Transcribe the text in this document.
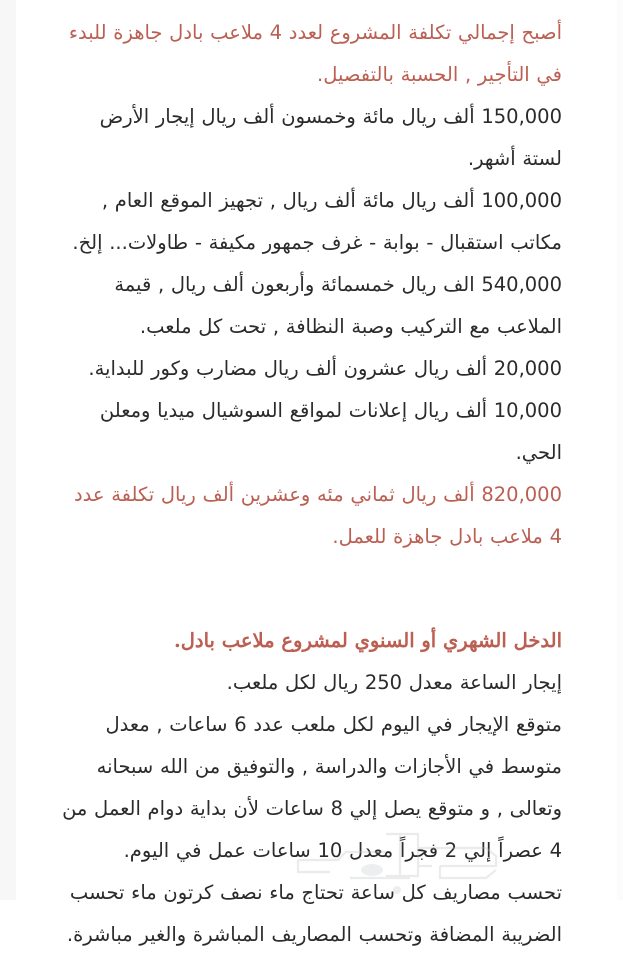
أصبح إجمالي تكلفة المشروع لعدد 4 ملاعب بادل جاهزة للبدء في التأجير , الحسبة بالتفصيل.

150,000 ألف ريال مائة وخمسون ألف ريال إيجار الأرض لستة أشهر.

100,000 ألف ريال مائة ألف ريال , تجهيز الموقع العام , مكاتب استقبال - بوابة - غرف جمهور مكيفة - طاولات... إلخ.

540,000 الف ريال خمسمائة وأربعون ألف ريال , قيمة الملاعب مع التركيب وصبة النظافة , تحت كل ملعب.

20,000 ألف ريال عشرون ألف ريال مضارب وكور للبداية.

10,000 ألف ريال إعلانات لمواقع السوشيال ميديا ومعلن الحي.

820,000 ألف ريال ثماني مئه وعشرين ألف ريال تكلفة عدد 4 ملاعب بادل جاهزة للعمل.

الدخل الشهري أو السنوي لمشروع ملاعب بادل.

إيجار الساعة معدل 250 ريال لكل ملعب.

متوقع الإيجار في اليوم لكل ملعب عدد 6 ساعات , معدل متوسط في الأجازات والدراسة , والتوفيق من الله سبحانه وتعالى , و متوقع يصل إلي 8 ساعات لأن بداية دوام العمل من 4 عصراً إلي 2 فجراً معدل 10 ساعات عمل في اليوم.

تحسب مصاريف كل ساعة تحتاج ماء نصف كرتون ماء تحسب الضريبة المضافة وتحسب المصاريف المباشرة والغير مباشرة.
